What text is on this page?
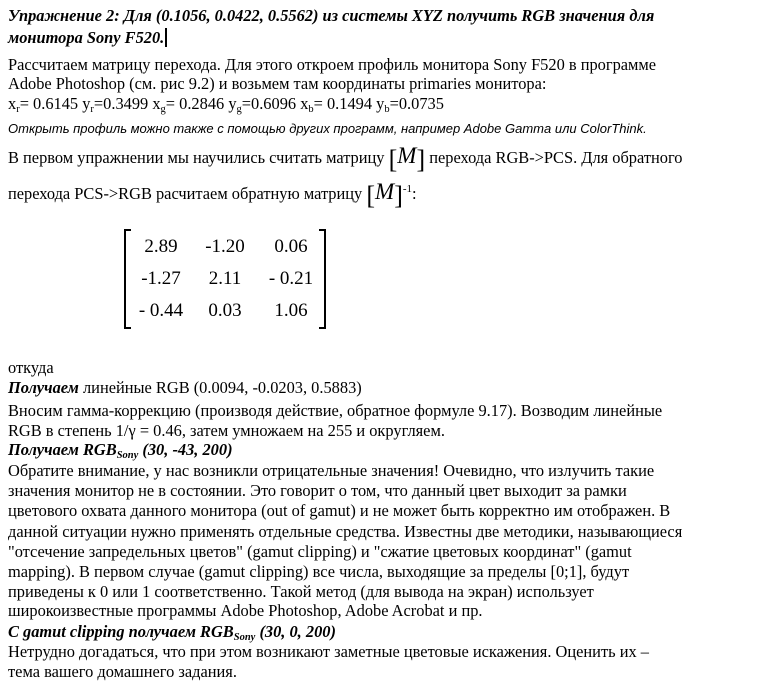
Упражнение 2: Для (0.1056, 0.0422, 0.5562) из системы XYZ получить RGB значения для
монитора Sony F520.
Рассчитаем матрицу перехода. Для этого откроем профиль монитора Sony F520 в программе
Adobe Photoshop (см. рис 9.2) и возьмем там координаты primaries монитора:
$x_r= 0.6145$ $y_r=0.3499$ $x_g= 0.2846$ $y_g=0.6096$ $x_b= 0.1494$ $y_b=0.0735$
Открыть профиль можно также с помощью других программ, например Adobe Gamma или ColorThink.
В первом упражнении мы научились считать матрицу [M] перехода RGB->PCS. Для обратного
перехода PCS->RGB расчитаем обратную матрицу $[M]^{-1}$:
2.89	-1.20	0.06
-1.27	2.11	- 0.21
- 0.44	0.03	1.06
откуда
Получаем линейные RGB (0.0094, -0.0203, 0.5883)
Вносим гамма-коррекцию (производя действие, обратное формуле 9.17). Возводим линейные
RGB в степень 1/γ = 0.46, затем умножаем на 255 и округляем.
Получаем $RGB_{Sony}$ (30, -43, 200)
Обратите внимание, у нас возникли отрицательные значения! Очевидно, что излучить такие
значения монитор не в состоянии. Это говорит о том, что данный цвет выходит за рамки
цветового охвата данного монитора (out of gamut) и не может быть корректно им отображен. В
данной ситуации нужно применять отдельные средства. Известны две методики, называющиеся
"отсечение запредельных цветов" (gamut clipping) и "сжатие цветовых координат" (gamut
mapping). В первом случае (gamut clipping) все числа, выходящие за пределы [0;1], будут
приведены к 0 или 1 соответственно. Такой метод (для вывода на экран) использует
широкоизвестные программы Adobe Photoshop, Adobe Acrobat и пр.
С gamut clipping получаем $RGB_{Sony}$ (30, 0, 200)
Нетрудно догадаться, что при этом возникают заметные цветовые искажения. Оценить их –
тема вашего домашнего задания.
